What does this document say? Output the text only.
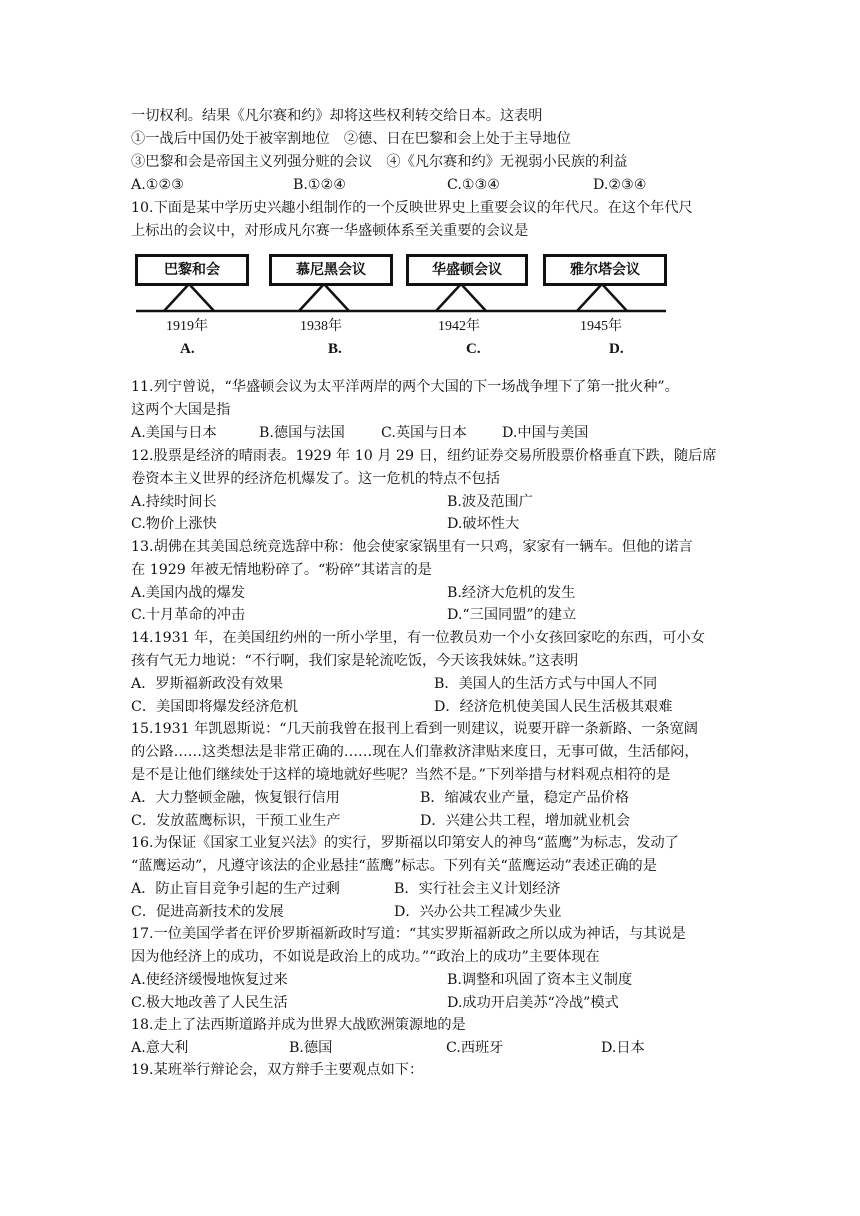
一切权利。结果《凡尔赛和约》却将这些权利转交给日本。这表明
①一战后中国仍处于被宰割地位　②德、日在巴黎和会上处于主导地位
③巴黎和会是帝国主义列强分赃的会议　④《凡尔赛和约》无视弱小民族的利益
A.①②③	B.①②④	C.①③④	D.②③④
10.下面是某中学历史兴趣小组制作的一个反映世界史上重要会议的年代尺。在这个年代尺
上标出的会议中，对形成凡尔赛一华盛顿体系至关重要的会议是
巴黎和会	慕尼黑会议	华盛顿会议	雅尔塔会议
1919年	1938年	1942年	1945年
A.	B.	C.	D.
11.列宁曾说，“华盛顿会议为太平洋两岸的两个大国的下一场战争埋下了第一批火种”。
这两个大国是指
A.美国与日本	B.德国与法国	C.英国与日本 D.中国与美国
12.股票是经济的晴雨表。1929 年 10 月 29 日，纽约证券交易所股票价格垂直下跌，随后席
卷资本主义世界的经济危机爆发了。这一危机的特点不包括
A.持续时间长	B.波及范围广
C.物价上涨快	D.破坏性大
13.胡佛在其美国总统竞选辞中称：他会使家家锅里有一只鸡，家家有一辆车。但他的诺言
在 1929 年被无情地粉碎了。“粉碎”其诺言的是
A.美国内战的爆发	B.经济大危机的发生
C.十月革命的冲击	D.“三国同盟”的建立
14.1931 年，在美国纽约州的一所小学里，有一位教员劝一个小女孩回家吃的东西，可小女
孩有气无力地说：“不行啊，我们家是轮流吃饭，今天该我妹妹。”这表明
A．罗斯福新政没有效果	B．美国人的生活方式与中国人不同
C．美国即将爆发经济危机	D．经济危机使美国人民生活极其艰难
15.1931 年凯恩斯说：“几天前我曾在报刊上看到一则建议，说要开辟一条新路、一条宽阔
的公路……这类想法是非常正确的……现在人们靠救济津贴来度日，无事可做，生活郁闷，
是不是让他们继续处于这样的境地就好些呢？当然不是。”下列举措与材料观点相符的是
A．大力整顿金融，恢复银行信用	B．缩减农业产量，稳定产品价格
C．发放蓝鹰标识，干预工业生产	D．兴建公共工程，增加就业机会
16.为保证《国家工业复兴法》的实行，罗斯福以印第安人的神鸟“蓝鹰”为标志，发动了
“蓝鹰运动”，凡遵守该法的企业悬挂“蓝鹰”标志。下列有关“蓝鹰运动”表述正确的是
A．防止盲目竞争引起的生产过剩	B．实行社会主义计划经济
C．促进高新技术的发展	D．兴办公共工程减少失业
17.一位美国学者在评价罗斯福新政时写道：“其实罗斯福新政之所以成为神话，与其说是
因为他经济上的成功，不如说是政治上的成功。”“政治上的成功”主要体现在
A.使经济缓慢地恢复过来	B.调整和巩固了资本主义制度
C.极大地改善了人民生活	D.成功开启美苏“冷战”模式
18.走上了法西斯道路并成为世界大战欧洲策源地的是
A.意大利	B.德国	C.西班牙	D.日本
19.某班举行辩论会，双方辩手主要观点如下：
